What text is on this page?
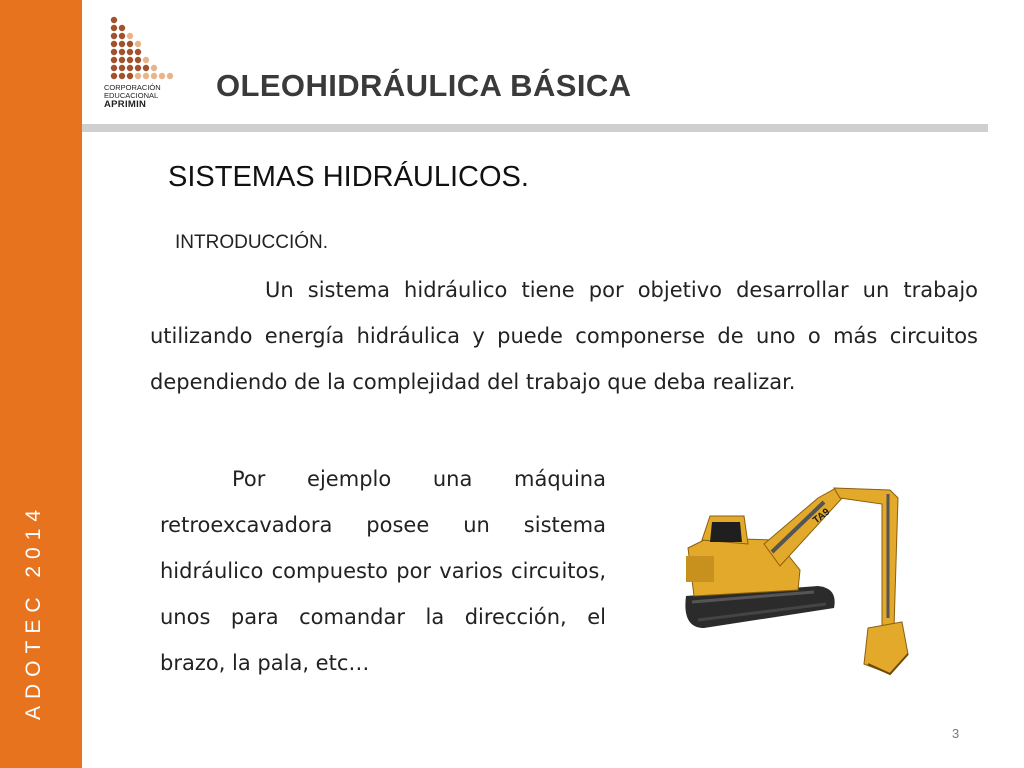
ADOTEC 2014
CORPORACIÓN
EDUCACIONAL
APRIMIN
OLEOHIDRÁULICA BÁSICA
SISTEMAS HIDRÁULICOS.
INTRODUCCIÓN.

Un sistema hidráulico tiene por objetivo desarrollar un trabajo utilizando energía hidráulica y puede componerse de uno o más circuitos dependiendo de la complejidad del trabajo que deba realizar.

Por ejemplo una máquina retroexcavadora posee un sistema hidráulico compuesto por varios circuitos, unos para comandar la dirección, el brazo, la pala, etc…

TA9
3
